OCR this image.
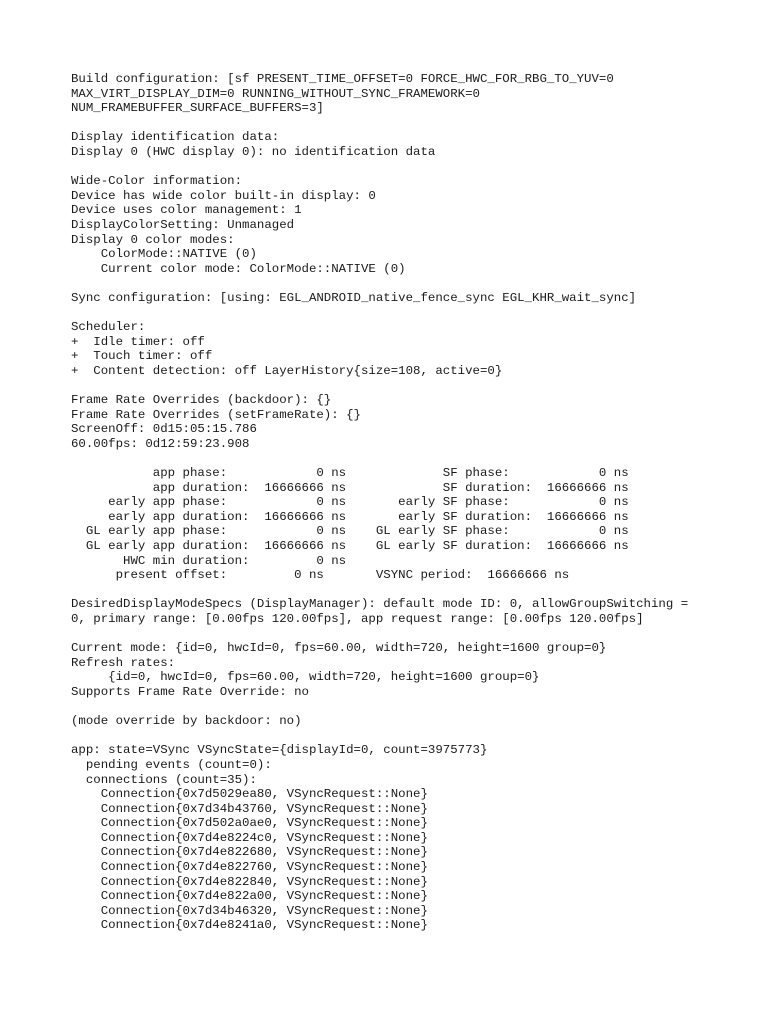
Build configuration: [sf PRESENT_TIME_OFFSET=0 FORCE_HWC_FOR_RBG_TO_YUV=0
MAX_VIRT_DISPLAY_DIM=0 RUNNING_WITHOUT_SYNC_FRAMEWORK=0
NUM_FRAMEBUFFER_SURFACE_BUFFERS=3]
Display identification data:
Display 0 (HWC display 0): no identification data
Wide-Color information:
Device has wide color built-in display: 0
Device uses color management: 1
DisplayColorSetting: Unmanaged
Display 0 color modes:
ColorMode::NATIVE (0)
Current color mode: ColorMode::NATIVE (0)
Sync configuration: [using: EGL_ANDROID_native_fence_sync EGL_KHR_wait_sync]
Scheduler:
+  Idle timer: off
+  Touch timer: off
+  Content detection: off LayerHistory{size=108, active=0}
Frame Rate Overrides (backdoor): {}
Frame Rate Overrides (setFrameRate): {}
ScreenOff: 0d15:05:15.786
60.00fps: 0d12:59:23.908
app phase:            0 ns             SF phase:            0 ns
app duration:  16666666 ns             SF duration:  16666666 ns
early app phase:            0 ns       early SF phase:            0 ns
early app duration:  16666666 ns       early SF duration:  16666666 ns
GL early app phase:            0 ns    GL early SF phase:            0 ns
GL early app duration:  16666666 ns    GL early SF duration:  16666666 ns
HWC min duration:         0 ns
present offset:         0 ns       VSYNC period:  16666666 ns
DesiredDisplayModeSpecs (DisplayManager): default mode ID: 0, allowGroupSwitching =
0, primary range: [0.00fps 120.00fps], app request range: [0.00fps 120.00fps]
Current mode: {id=0, hwcId=0, fps=60.00, width=720, height=1600 group=0}
Refresh rates:
{id=0, hwcId=0, fps=60.00, width=720, height=1600 group=0}
Supports Frame Rate Override: no
(mode override by backdoor: no)
app: state=VSync VSyncState={displayId=0, count=3975773}
pending events (count=0):
connections (count=35):
Connection{0x7d5029ea80, VSyncRequest::None}
Connection{0x7d34b43760, VSyncRequest::None}
Connection{0x7d502a0ae0, VSyncRequest::None}
Connection{0x7d4e8224c0, VSyncRequest::None}
Connection{0x7d4e822680, VSyncRequest::None}
Connection{0x7d4e822760, VSyncRequest::None}
Connection{0x7d4e822840, VSyncRequest::None}
Connection{0x7d4e822a00, VSyncRequest::None}
Connection{0x7d34b46320, VSyncRequest::None}
Connection{0x7d4e8241a0, VSyncRequest::None}
